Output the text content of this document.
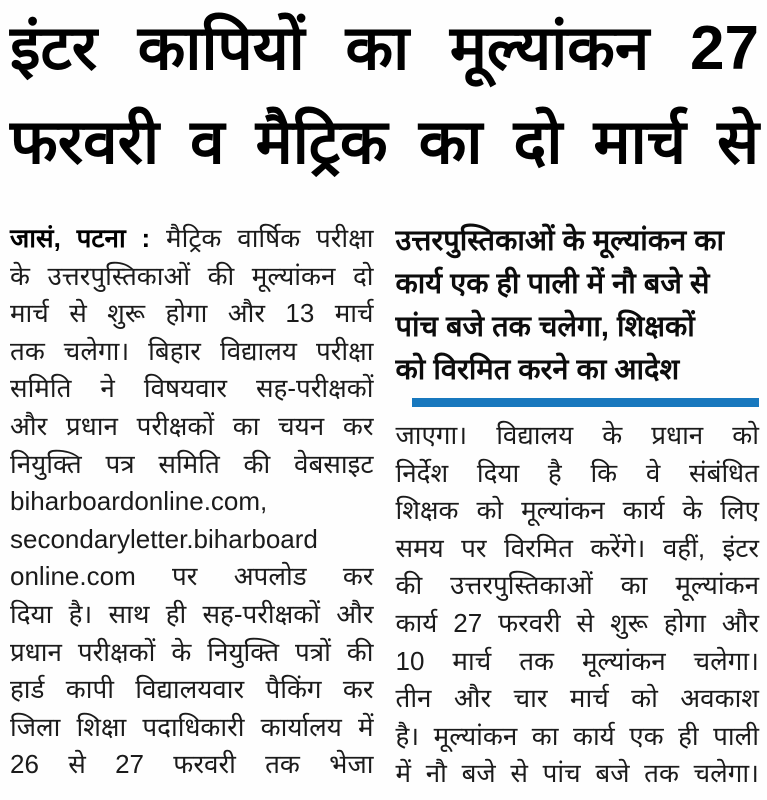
इंटर कापियों का मूल्यांकन 27
फरवरी व मैट्रिक का दो मार्च से
जासं, पटना : मैट्रिक वार्षिक परीक्षा
के उत्तरपुस्तिकाओं की मूल्यांकन दो
मार्च से शुरू होगा और 13 मार्च
तक चलेगा। बिहार विद्यालय परीक्षा
समिति ने विषयवार सह-परीक्षकों
और प्रधान परीक्षकों का चयन कर
नियुक्ति पत्र समिति की वेबसाइट
biharboardonline.com,
secondaryletter.biharboard
online.com पर अपलोड कर
दिया है। साथ ही सह-परीक्षकों और
प्रधान परीक्षकों के नियुक्ति पत्रों की
हार्ड कापी विद्यालयवार पैकिंग कर
जिला शिक्षा पदाधिकारी कार्यालय में
26 से 27 फरवरी तक भेजा
उत्तरपुस्तिकाओं के मूल्यांकन का
कार्य एक ही पाली में नौ बजे से
पांच बजे तक चलेगा, शिक्षकों
को विरमित करने का आदेश
जाएगा। विद्यालय के प्रधान को
निर्देश दिया है कि वे संबंधित
शिक्षक को मूल्यांकन कार्य के लिए
समय पर विरमित करेंगे। वहीं, इंटर
की उत्तरपुस्तिकाओं का मूल्यांकन
कार्य 27 फरवरी से शुरू होगा और
10 मार्च तक मूल्यांकन चलेगा।
तीन और चार मार्च को अवकाश
है। मूल्यांकन का कार्य एक ही पाली
में नौ बजे से पांच बजे तक चलेगा।
